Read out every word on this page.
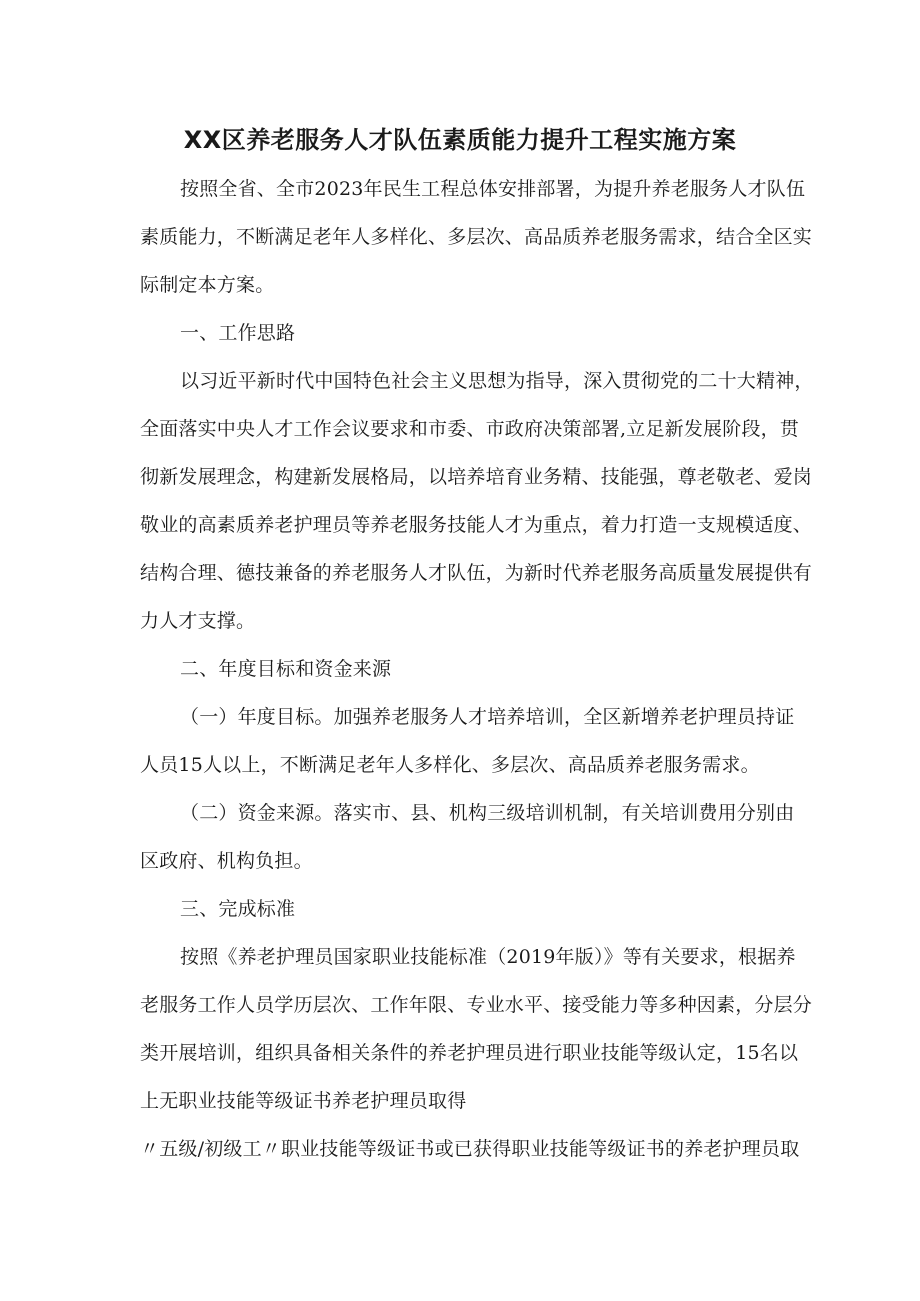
XX区养老服务人才队伍素质能力提升工程实施方案
按照全省、全市2023年民生工程总体安排部署，为提升养老服务人才队伍
素质能力，不断满足老年人多样化、多层次、高品质养老服务需求，结合全区实
际制定本方案。
一、工作思路
以习近平新时代中国特色社会主义思想为指导，深入贯彻党的二十大精神，
全面落实中央人才工作会议要求和市委、市政府决策部署,立足新发展阶段，贯
彻新发展理念，构建新发展格局，以培养培育业务精、技能强，尊老敬老、爱岗
敬业的高素质养老护理员等养老服务技能人才为重点，着力打造一支规模适度、
结构合理、德技兼备的养老服务人才队伍，为新时代养老服务高质量发展提供有
力人才支撑。
二、年度目标和资金来源
（一）年度目标。加强养老服务人才培养培训，全区新增养老护理员持证
人员15人以上，不断满足老年人多样化、多层次、高品质养老服务需求。
（二）资金来源。落实市、县、机构三级培训机制，有关培训费用分别由
区政府、机构负担。
三、完成标准
按照《养老护理员国家职业技能标准（2019年版）》等有关要求，根据养
老服务工作人员学历层次、工作年限、专业水平、接受能力等多种因素，分层分
类开展培训，组织具备相关条件的养老护理员进行职业技能等级认定，15名以
上无职业技能等级证书养老护理员取得
〃五级/初级工〃职业技能等级证书或已获得职业技能等级证书的养老护理员取
